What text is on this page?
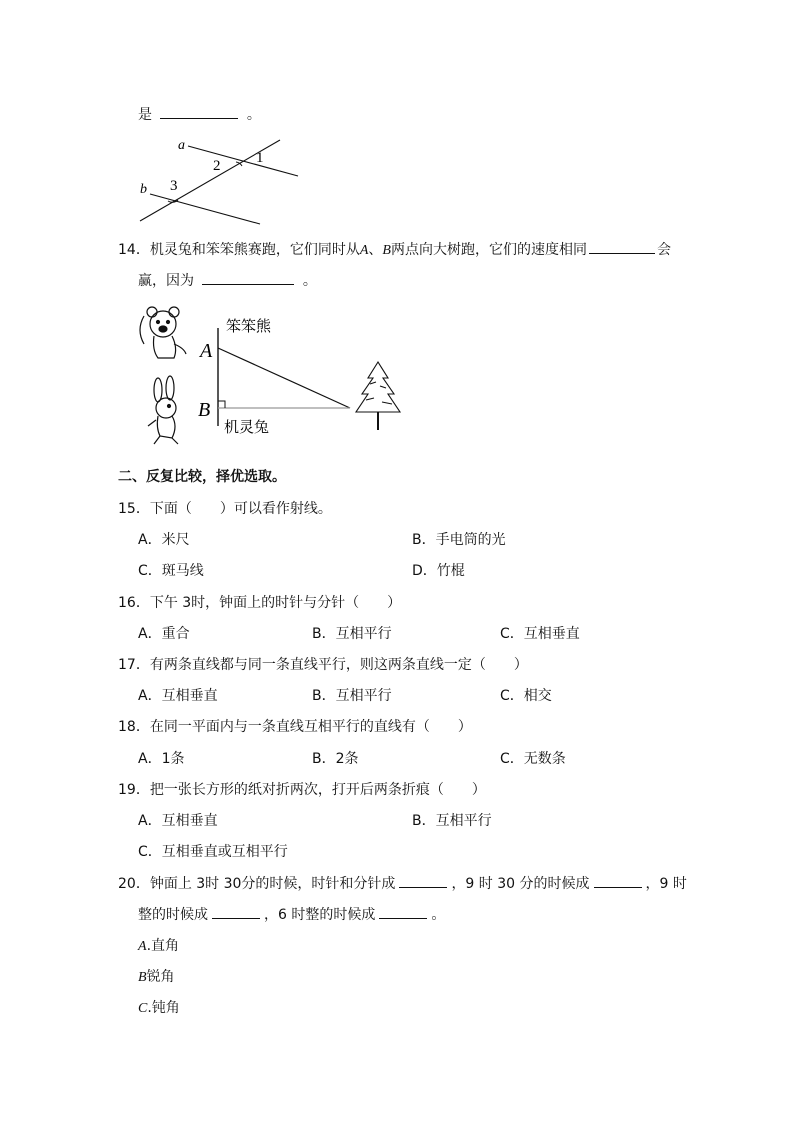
是	。
a
b
1
2
3
14．机灵兔和笨笨熊赛跑，它们同时从A、B两点向大树跑，它们的速度相同	会
赢，因为	。
A
B
笨笨熊
机灵兔
二、反复比较，择优选取。
15．下面（　　）可以看作射线。
A．米尺	B．手电筒的光
C．斑马线	D．竹棍
16．下午 3时，钟面上的时针与分针（　　）
A．重合	B．互相平行	C．互相垂直
17．有两条直线都与同一条直线平行，则这两条直线一定（　　）
A．互相垂直	B．互相平行	C．相交
18．在同一平面内与一条直线互相平行的直线有（　　）
A．1条	B．2条	C．无数条
19．把一张长方形的纸对折两次，打开后两条折痕（　　）
A．互相垂直	B．互相平行
C．互相垂直或互相平行
20．钟面上 3时 30分的时候，时针和分针成	，9 时 30 分的时候成	，9 时
整的时候成	，6 时整的时候成	。
A.直角
B锐角
C.钝角
